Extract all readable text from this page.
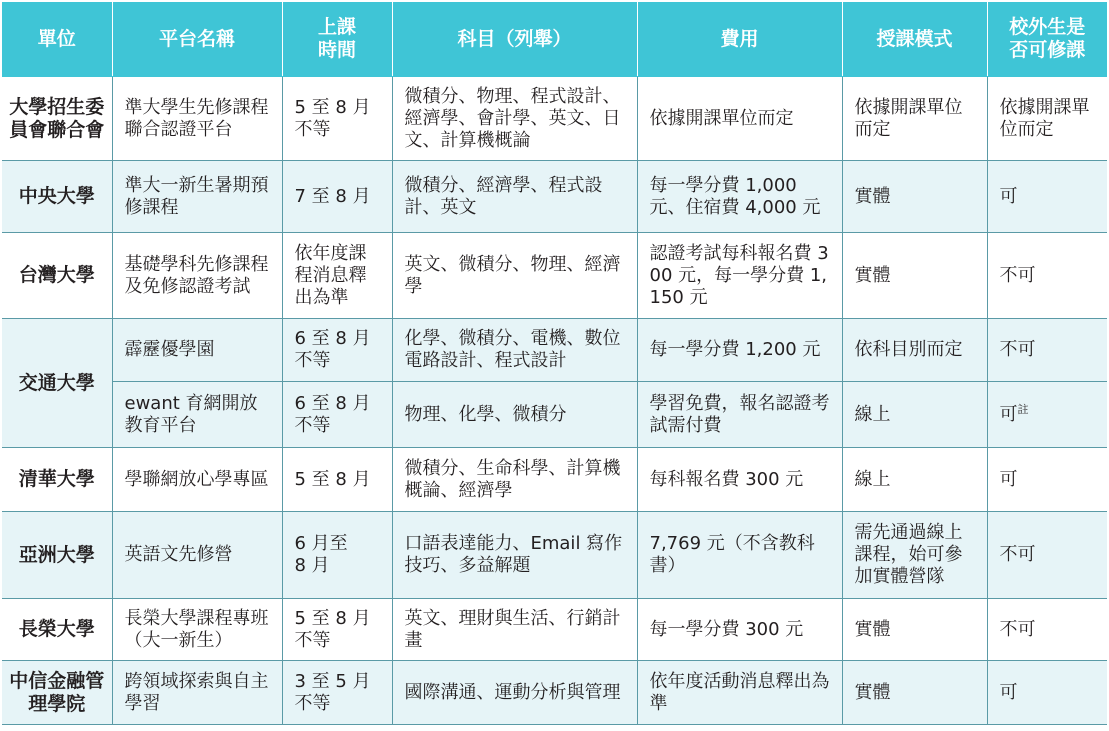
單位	平台名稱	上課時間	科目（列舉）	費用	授課模式	校外生是否可修課
大學招生委員會聯合會	準大學生先修課程聯合認證平台	5 至 8 月不等	微積分、物理、程式設計、經濟學、會計學、英文、日文、計算機概論	依據開課單位而定	依據開課單位而定	依據開課單位而定
中央大學	準大一新生暑期預修課程	7 至 8 月	微積分、經濟學、程式設計、英文	每一學分費 1,000 元、住宿費 4,000 元	實體	可
台灣大學	基礎學科先修課程及免修認證考試	依年度課程消息釋出為準	英文、微積分、物理、經濟學	認證考試每科報名費 300 元，每一學分費 1,150 元	實體	不可
交通大學	霹靂優學園	6 至 8 月不等	化學、微積分、電機、數位電路設計、程式設計	每一學分費 1,200 元	依科目別而定	不可
	ewant 育網開放教育平台	6 至 8 月不等	物理、化學、微積分	學習免費，報名認證考試需付費	線上	可$^註$
清華大學	學聯網放心學專區	5 至 8 月	微積分、生命科學、計算機概論、經濟學	每科報名費 300 元	線上	可
亞洲大學	英語文先修營	6 月至 8 月	口語表達能力、Email 寫作技巧、多益解題	7,769 元（不含教科書）	需先通過線上課程，始可參加實體營隊	不可
長榮大學	長榮大學課程專班（大一新生）	5 至 8 月不等	英文、理財與生活、行銷計畫	每一學分費 300 元	實體	不可
中信金融管理學院	跨領域探索與自主學習	3 至 5 月不等	國際溝通、運動分析與管理	依年度活動消息釋出為準	實體	可
